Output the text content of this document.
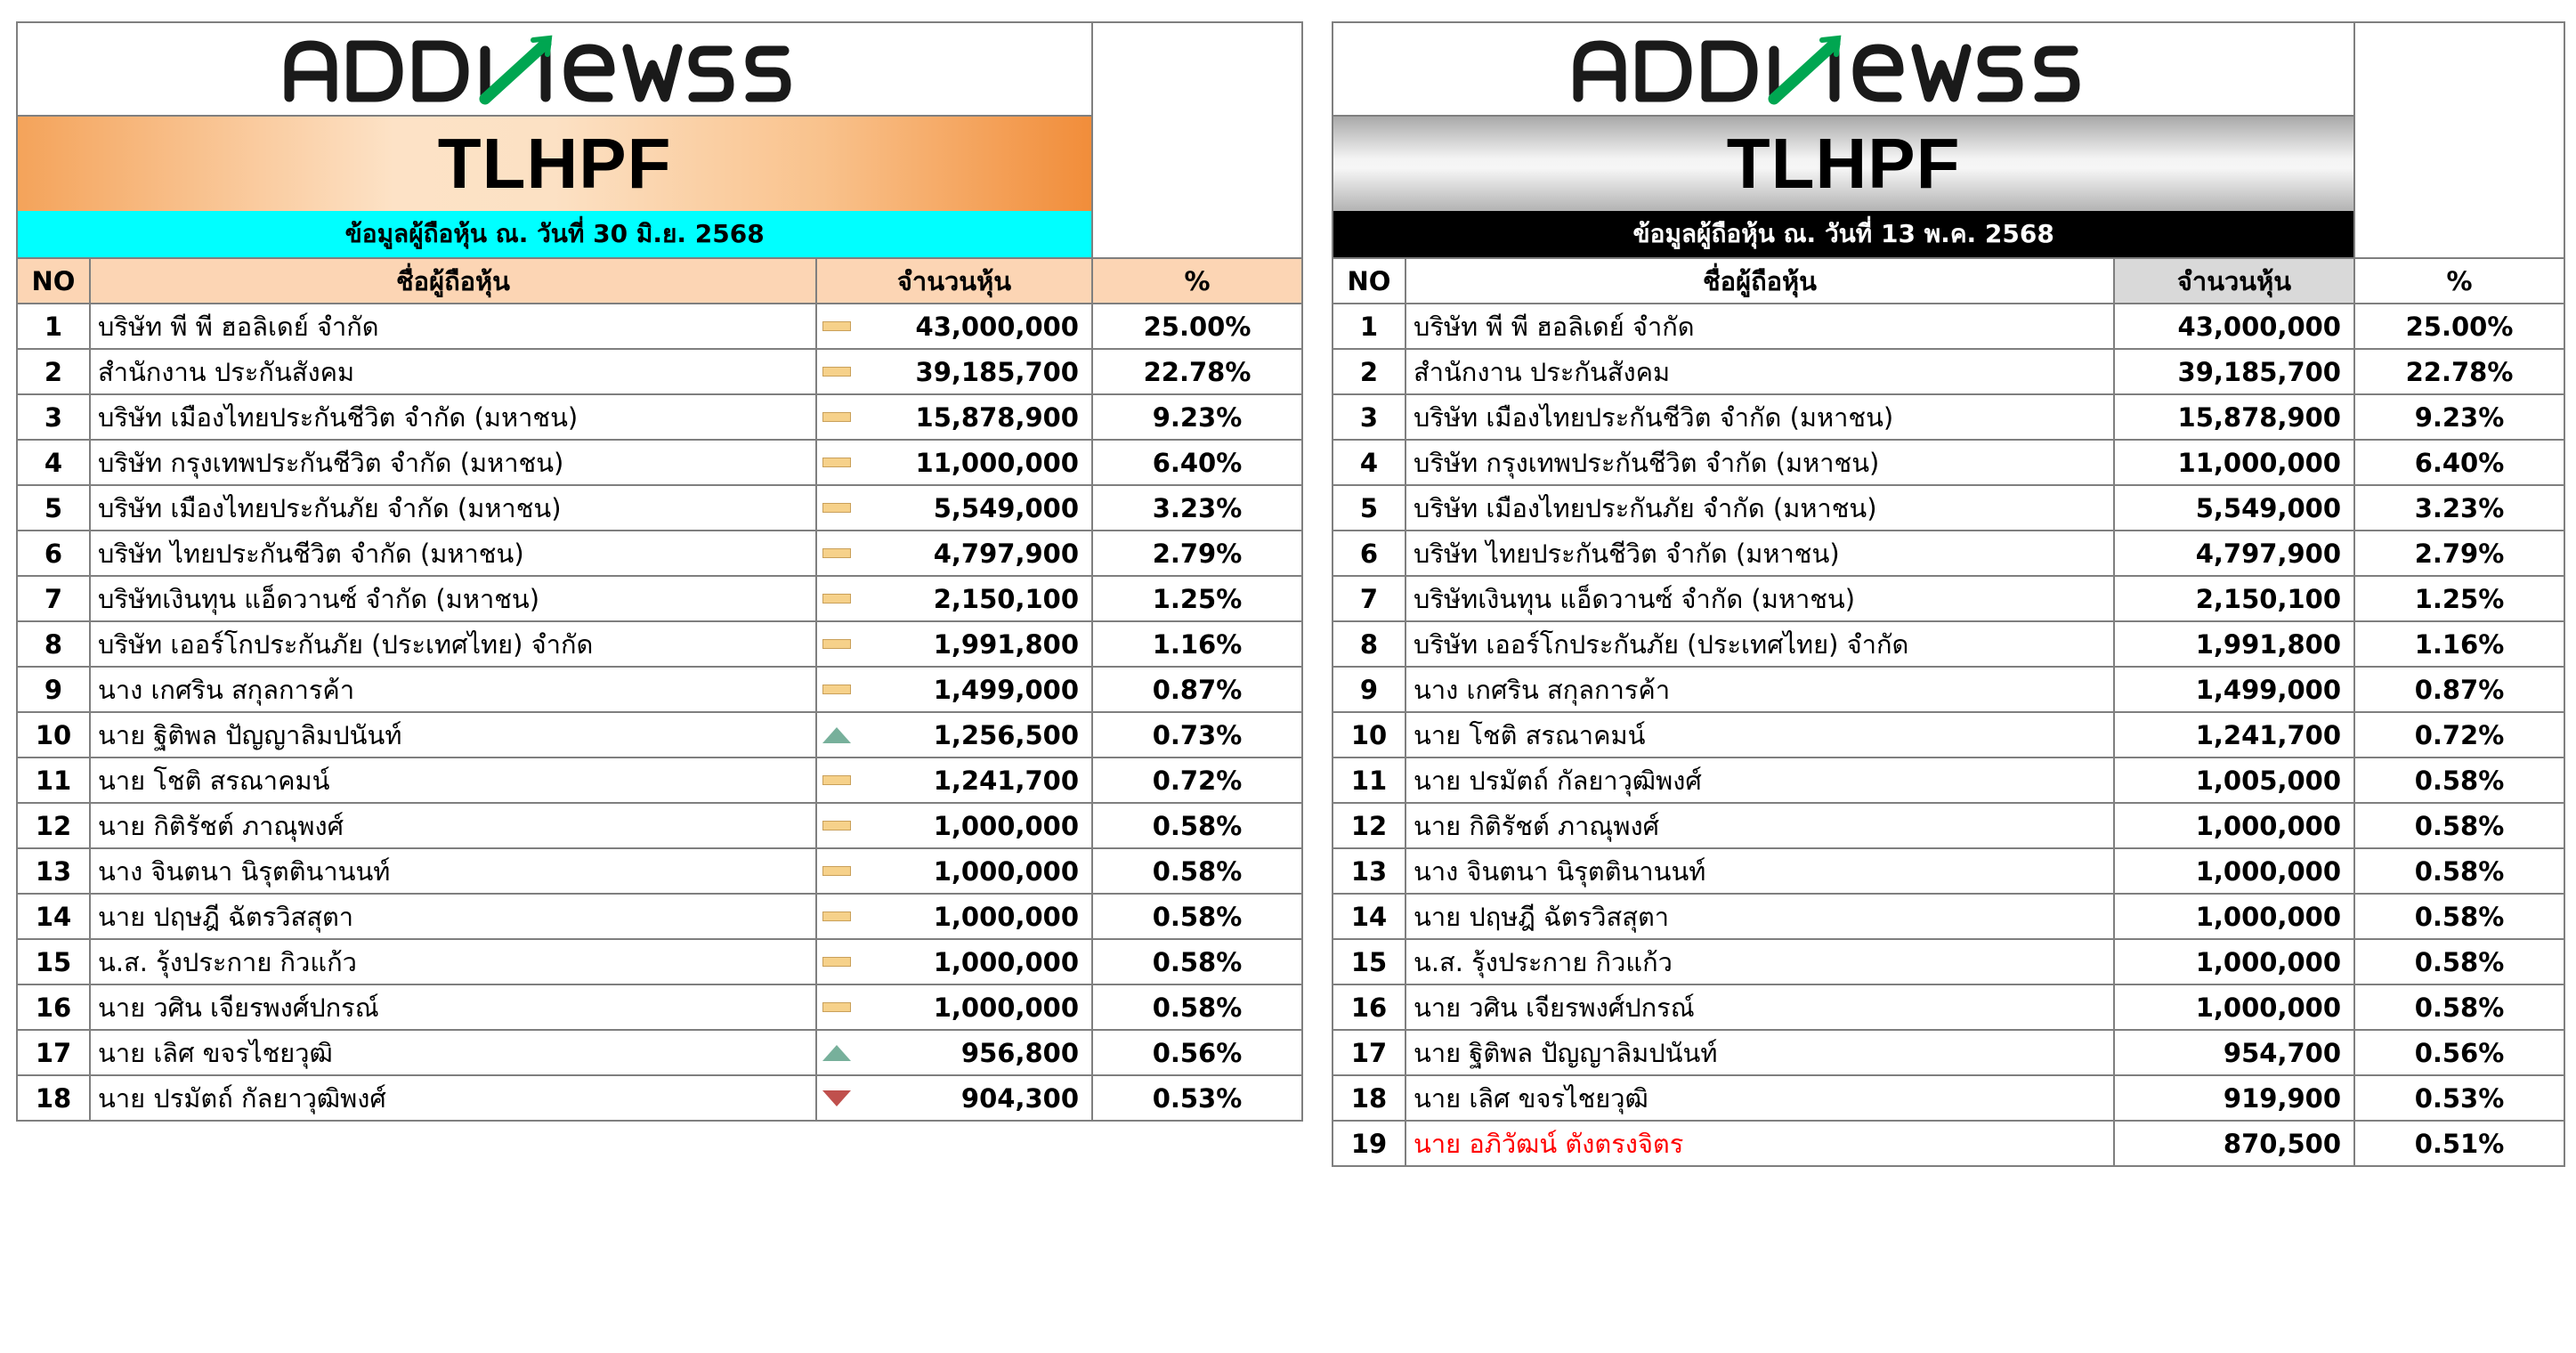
TLHPF
ข้อมูลผู้ถือหุ้น ณ. วันที่ 30 มิ.ย. 2568
NO	ชื่อผู้ถือหุ้น	จำนวนหุ้น	%
1	บริษัท พี พี ฮอลิเดย์ จำกัด	43,000,000	25.00%
2	สำนักงาน ประกันสังคม	39,185,700	22.78%
3	บริษัท เมืองไทยประกันชีวิต จำกัด (มหาชน)	15,878,900	9.23%
4	บริษัท กรุงเทพประกันชีวิต จำกัด (มหาชน)	11,000,000	6.40%
5	บริษัท เมืองไทยประกันภัย จำกัด (มหาชน)	5,549,000	3.23%
6	บริษัท ไทยประกันชีวิต จำกัด (มหาชน)	4,797,900	2.79%
7	บริษัทเงินทุน แอ็ดวานซ์ จำกัด (มหาชน)	2,150,100	1.25%
8	บริษัท เออร์โกประกันภัย (ประเทศไทย) จำกัด	1,991,800	1.16%
9	นาง เกศริน สกุลการค้า	1,499,000	0.87%
10	นาย ฐิติพล ปัญญาลิมปนันท์	1,256,500	0.73%
11	นาย โชติ สรณาคมน์	1,241,700	0.72%
12	นาย กิติรัชต์ ภาณุพงศ์	1,000,000	0.58%
13	นาง จินตนา นิรุตตินานนท์	1,000,000	0.58%
14	นาย ปฤษฎี ฉัตรวิสสุตา	1,000,000	0.58%
15	น.ส. รุ้งประกาย กิวแก้ว	1,000,000	0.58%
16	นาย วศิน เจียรพงศ์ปกรณ์	1,000,000	0.58%
17	นาย เลิศ ขจรไชยวุฒิ	956,800	0.56%
18	นาย ปรมัตถ์ กัลยาวุฒิพงศ์	904,300	0.53%
TLHPF
ข้อมูลผู้ถือหุ้น ณ. วันที่ 13 พ.ค. 2568
NO	ชื่อผู้ถือหุ้น	จำนวนหุ้น	%
1	บริษัท พี พี ฮอลิเดย์ จำกัด	43,000,000	25.00%
2	สำนักงาน ประกันสังคม	39,185,700	22.78%
3	บริษัท เมืองไทยประกันชีวิต จำกัด (มหาชน)	15,878,900	9.23%
4	บริษัท กรุงเทพประกันชีวิต จำกัด (มหาชน)	11,000,000	6.40%
5	บริษัท เมืองไทยประกันภัย จำกัด (มหาชน)	5,549,000	3.23%
6	บริษัท ไทยประกันชีวิต จำกัด (มหาชน)	4,797,900	2.79%
7	บริษัทเงินทุน แอ็ดวานซ์ จำกัด (มหาชน)	2,150,100	1.25%
8	บริษัท เออร์โกประกันภัย (ประเทศไทย) จำกัด	1,991,800	1.16%
9	นาง เกศริน สกุลการค้า	1,499,000	0.87%
10	นาย โชติ สรณาคมน์	1,241,700	0.72%
11	นาย ปรมัตถ์ กัลยาวุฒิพงศ์	1,005,000	0.58%
12	นาย กิติรัชต์ ภาณุพงศ์	1,000,000	0.58%
13	นาง จินตนา นิรุตตินานนท์	1,000,000	0.58%
14	นาย ปฤษฎี ฉัตรวิสสุตา	1,000,000	0.58%
15	น.ส. รุ้งประกาย กิวแก้ว	1,000,000	0.58%
16	นาย วศิน เจียรพงศ์ปกรณ์	1,000,000	0.58%
17	นาย ฐิติพล ปัญญาลิมปนันท์	954,700	0.56%
18	นาย เลิศ ขจรไชยวุฒิ	919,900	0.53%
19	นาย อภิวัฒน์ ตังตรงจิตร	870,500	0.51%
